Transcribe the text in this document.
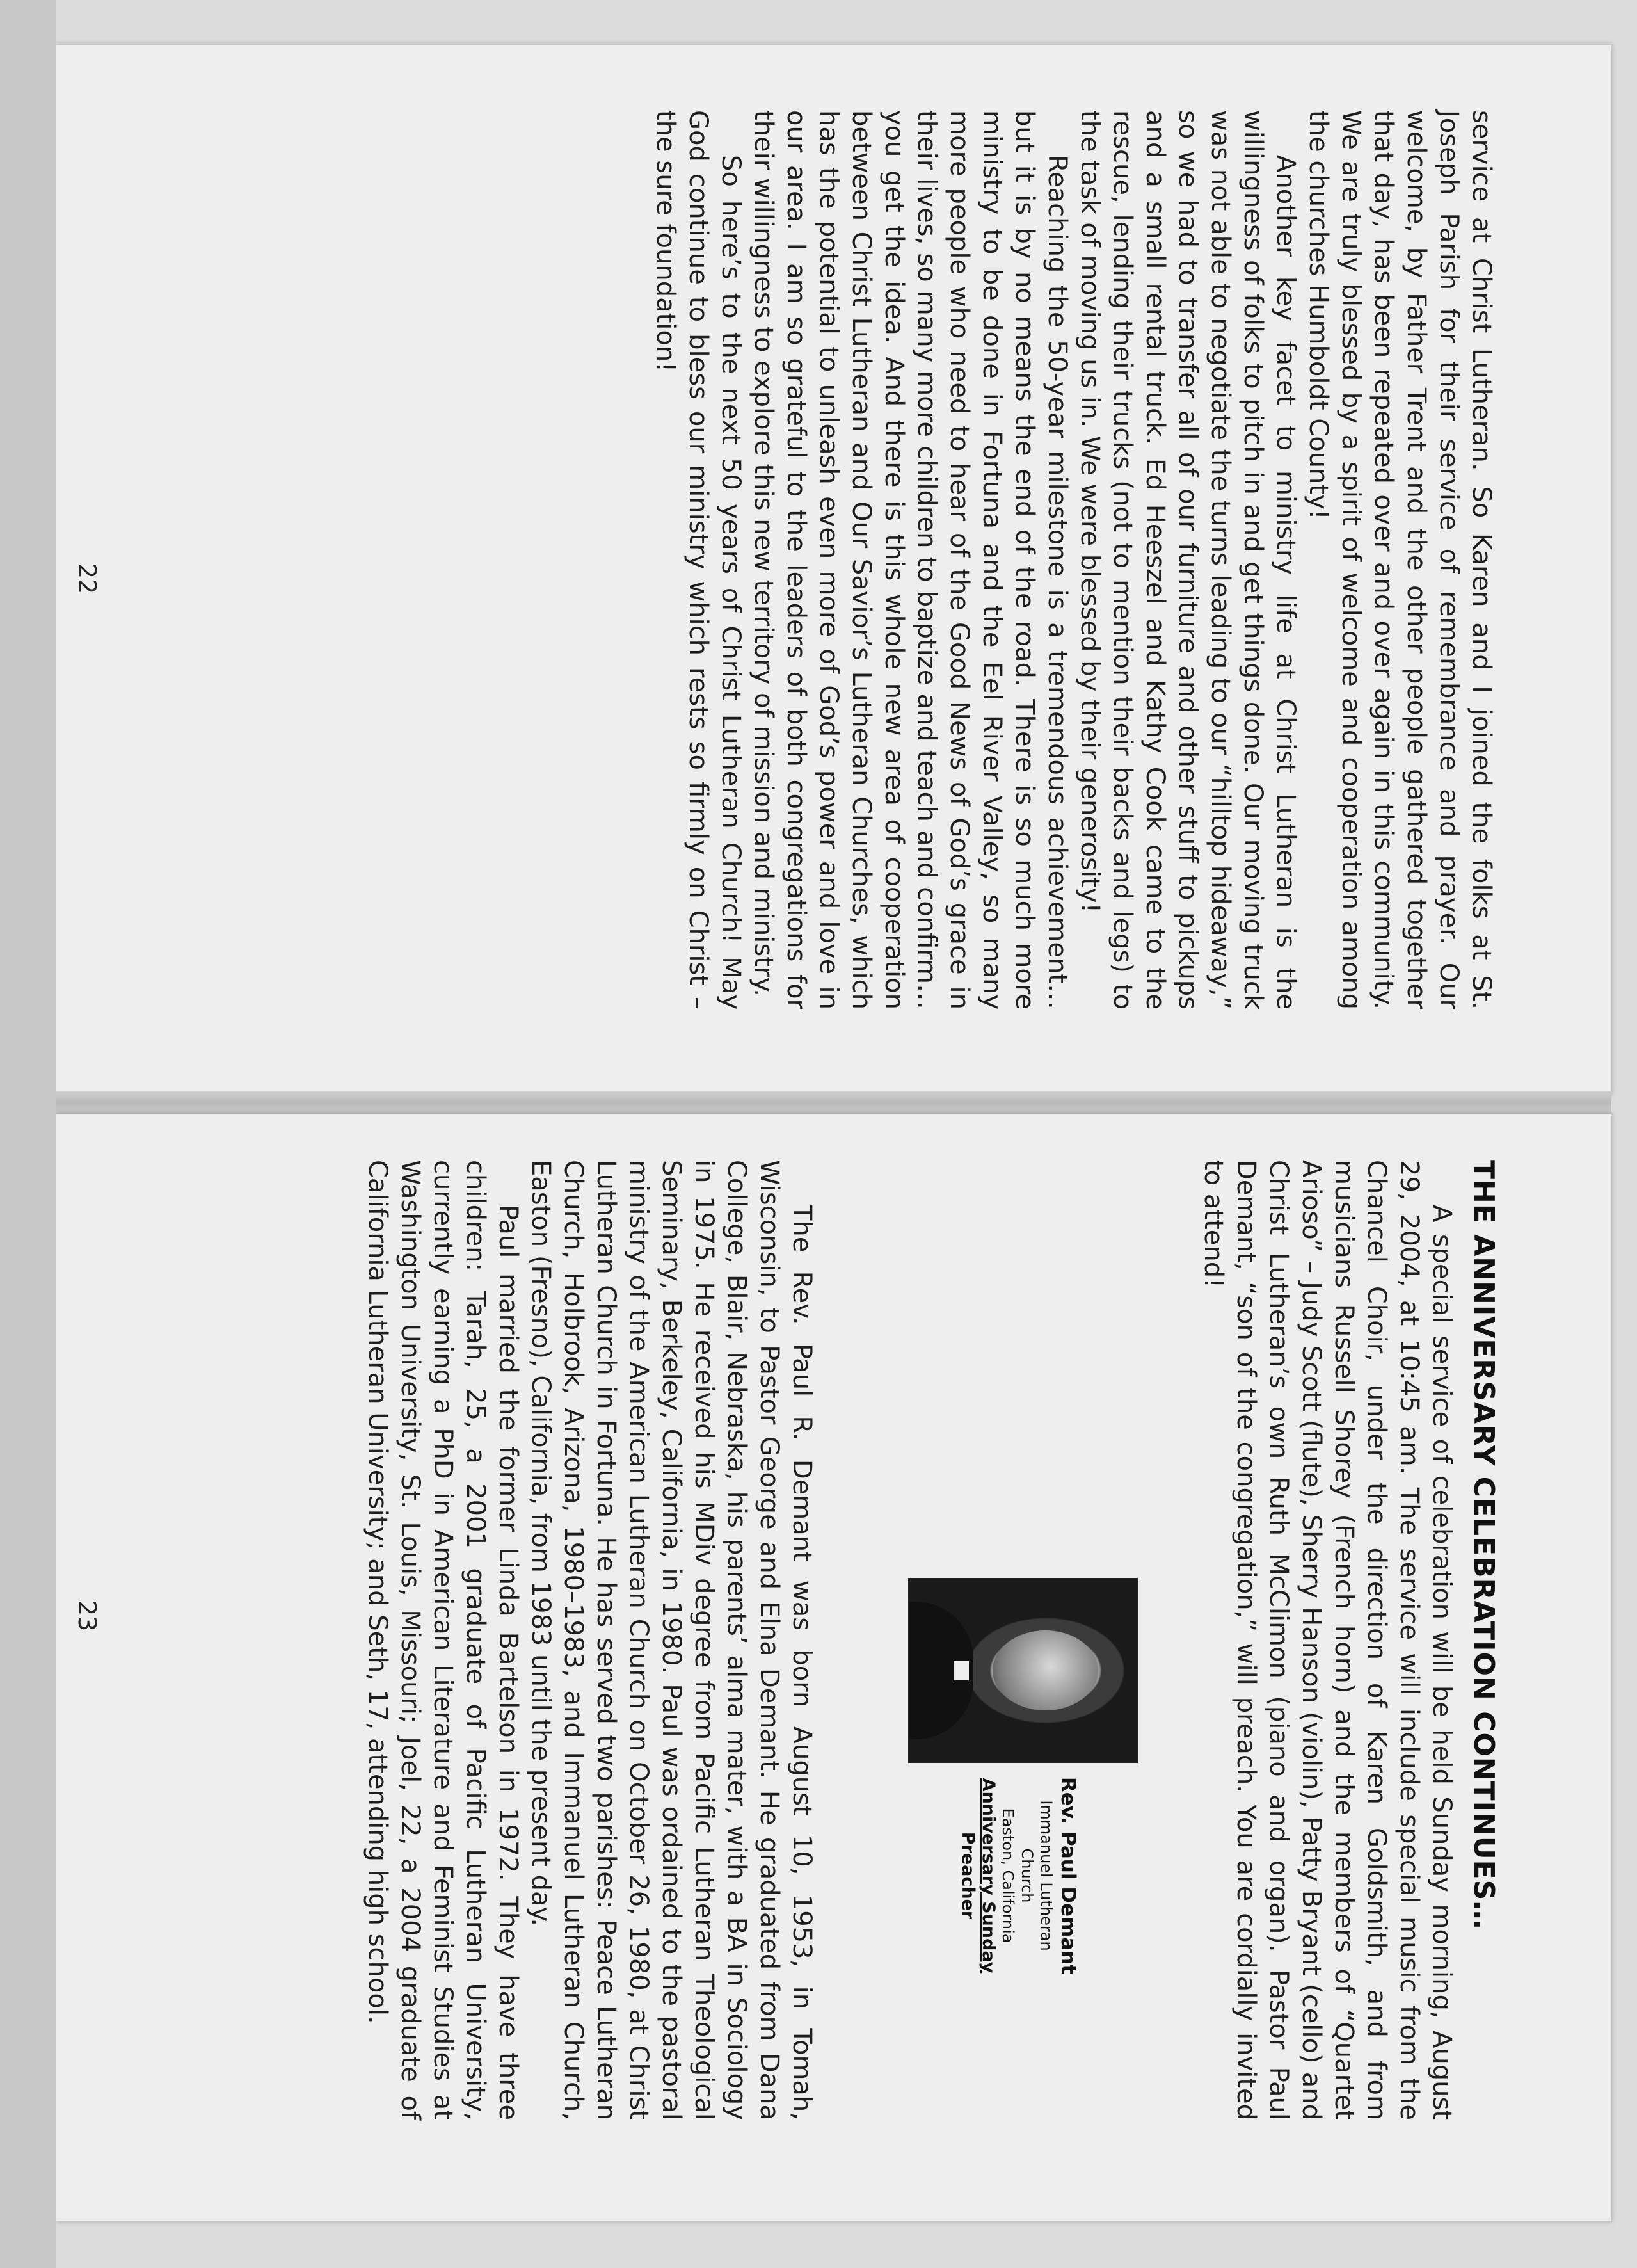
service at Christ Lutheran. So Karen and I joined the folks at St. Joseph Parish for their service of remembrance and prayer. Our welcome, by Father Trent and the other people gathered together that day, has been repeated over and over again in this community. We are truly blessed by a spirit of welcome and cooperation among the churches Humboldt County!

Another key facet to ministry life at Christ Lutheran is the willingness of folks to pitch in and get things done. Our moving truck was not able to negotiate the turns leading to our “hilltop hideaway,” so we had to transfer all of our furniture and other stuff to pickups and a small rental truck. Ed Heeszel and Kathy Cook came to the rescue, lending their trucks (not to mention their backs and legs) to the task of moving us in. We were blessed by their generosity!

Reaching the 50-year milestone is a tremendous achievement… but it is by no means the end of the road. There is so much more ministry to be done in Fortuna and the Eel River Valley, so many more people who need to hear of the Good News of God’s grace in their lives, so many more children to baptize and teach and confirm… you get the idea. And there is this whole new area of cooperation between Christ Lutheran and Our Savior’s Lutheran Churches, which has the potential to unleash even more of God’s power and love in our area. I am so grateful to the leaders of both congregations for their willingness to explore this new territory of mission and ministry.

So here’s to the next 50 years of Christ Lutheran Church! May God continue to bless our ministry which rests so firmly on Christ – the sure foundation!

22
THE ANNIVERSARY CELEBRATION CONTINUES…

A special service of celebration will be held Sunday morning, August 29, 2004, at 10:45 am. The service will include special music from the Chancel Choir, under the direction of Karen Goldsmith, and from musicians Russell Shorey (French horn) and the members of “Quartet Arioso” – Judy Scott (flute), Sherry Hanson (violin), Patty Bryant (cello) and Christ Lutheran’s own Ruth McClimon (piano and organ). Pastor Paul Demant, “son of the congregation,” will preach. You are cordially invited to attend!

Rev. Paul Demant
Immanuel Lutheran Church
Easton, California
Anniversary Sunday
Preacher

The Rev. Paul R. Demant was born August 10, 1953, in Tomah, Wisconsin, to Pastor George and Elna Demant. He graduated from Dana College, Blair, Nebraska, his parents’ alma mater, with a BA in Sociology in 1975. He received his MDiv degree from Pacific Lutheran Theological Seminary, Berkeley, California, in 1980. Paul was ordained to the pastoral ministry of the American Lutheran Church on October 26, 1980, at Christ Lutheran Church in Fortuna. He has served two parishes: Peace Lutheran Church, Holbrook, Arizona, 1980–1983, and Immanuel Lutheran Church, Easton (Fresno), California, from 1983 until the present day.

Paul married the former Linda Bartelson in 1972. They have three children: Tarah, 25, a 2001 graduate of Pacific Lutheran University, currently earning a PhD in American Literature and Feminist Studies at Washington University, St. Louis, Missouri; Joel, 22, a 2004 graduate of California Lutheran University; and Seth, 17, attending high school.

23
